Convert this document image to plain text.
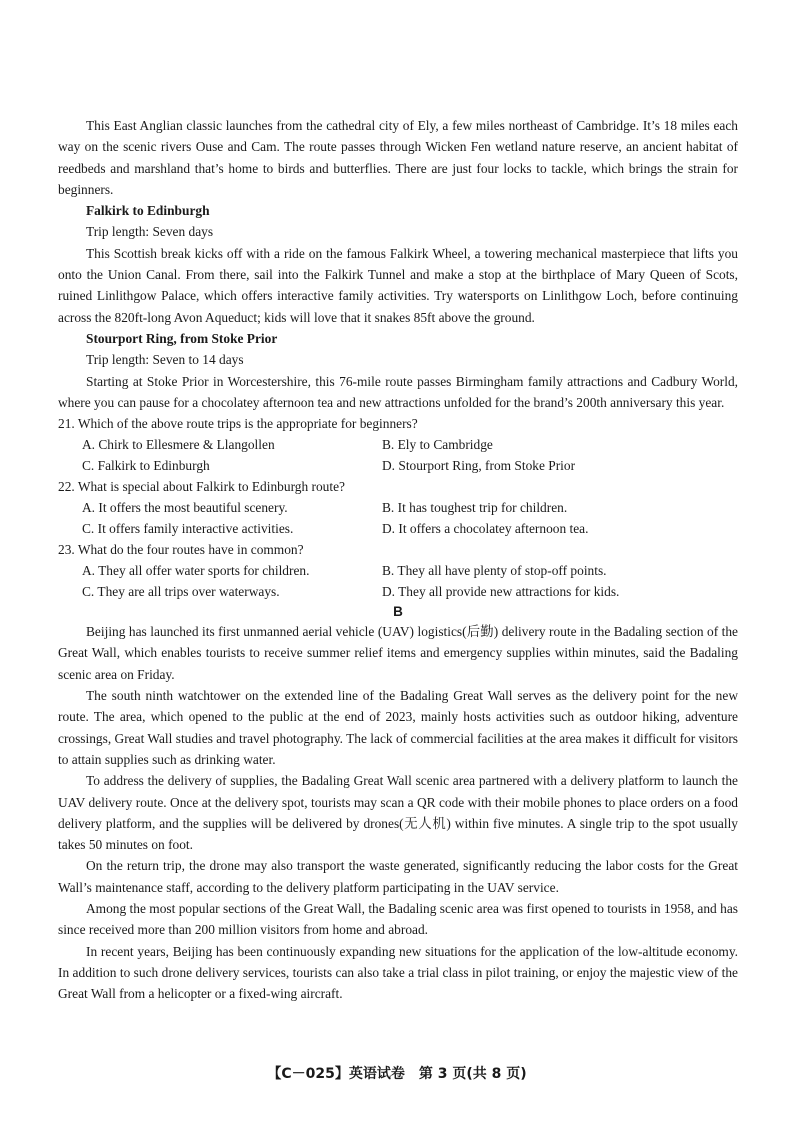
This East Anglian classic launches from the cathedral city of Ely, a few miles northeast of Cambridge. It’s 18 miles each way on the scenic rivers Ouse and Cam. The route passes through Wicken Fen wetland nature reserve, an ancient habitat of reedbeds and marshland that’s home to birds and butterflies. There are just four locks to tackle, which brings the strain for beginners.

Falkirk to Edinburgh
Trip length: Seven days

This Scottish break kicks off with a ride on the famous Falkirk Wheel, a towering mechanical masterpiece that lifts you onto the Union Canal. From there, sail into the Falkirk Tunnel and make a stop at the birthplace of Mary Queen of Scots, ruined Linlithgow Palace, which offers interactive family activities. Try watersports on Linlithgow Loch, before continuing across the 820ft-long Avon Aqueduct; kids will love that it snakes 85ft above the ground.

Stourport Ring, from Stoke Prior
Trip length: Seven to 14 days

Starting at Stoke Prior in Worcestershire, this 76-mile route passes Birmingham family attractions and Cadbury World, where you can pause for a chocolatey afternoon tea and new attractions unfolded for the brand’s 200th anniversary this year.

21. Which of the above route trips is the appropriate for beginners?
A. Chirk to Ellesmere & Llangollen	B. Ely to Cambridge
C. Falkirk to Edinburgh	D. Stourport Ring, from Stoke Prior
22. What is special about Falkirk to Edinburgh route?
A. It offers the most beautiful scenery.	B. It has toughest trip for children.
C. It offers family interactive activities.	D. It offers a chocolatey afternoon tea.
23. What do the four routes have in common?
A. They all offer water sports for children.	B. They all have plenty of stop-off points.
C. They are all trips over waterways.	D. They all provide new attractions for kids.
B

Beijing has launched its first unmanned aerial vehicle (UAV) logistics(后勤) delivery route in the Badaling section of the Great Wall, which enables tourists to receive summer relief items and emergency supplies within minutes, said the Badaling scenic area on Friday.

The south ninth watchtower on the extended line of the Badaling Great Wall serves as the delivery point for the new route. The area, which opened to the public at the end of 2023, mainly hosts activities such as outdoor hiking, adventure crossings, Great Wall studies and travel photography. The lack of commercial facilities at the area makes it difficult for visitors to attain supplies such as drinking water.

To address the delivery of supplies, the Badaling Great Wall scenic area partnered with a delivery platform to launch the UAV delivery route. Once at the delivery spot, tourists may scan a QR code with their mobile phones to place orders on a food delivery platform, and the supplies will be delivered by drones(无人机) within five minutes. A single trip to the spot usually takes 50 minutes on foot.

On the return trip, the drone may also transport the waste generated, significantly reducing the labor costs for the Great Wall’s maintenance staff, according to the delivery platform participating in the UAV service.

Among the most popular sections of the Great Wall, the Badaling scenic area was first opened to tourists in 1958, and has since received more than 200 million visitors from home and abroad.

In recent years, Beijing has been continuously expanding new situations for the application of the low-altitude economy. In addition to such drone delivery services, tourists can also take a trial class in pilot training, or enjoy the majestic view of the Great Wall from a helicopter or a fixed-wing aircraft.

【C－025】英语试卷　第 3 页(共 8 页)
